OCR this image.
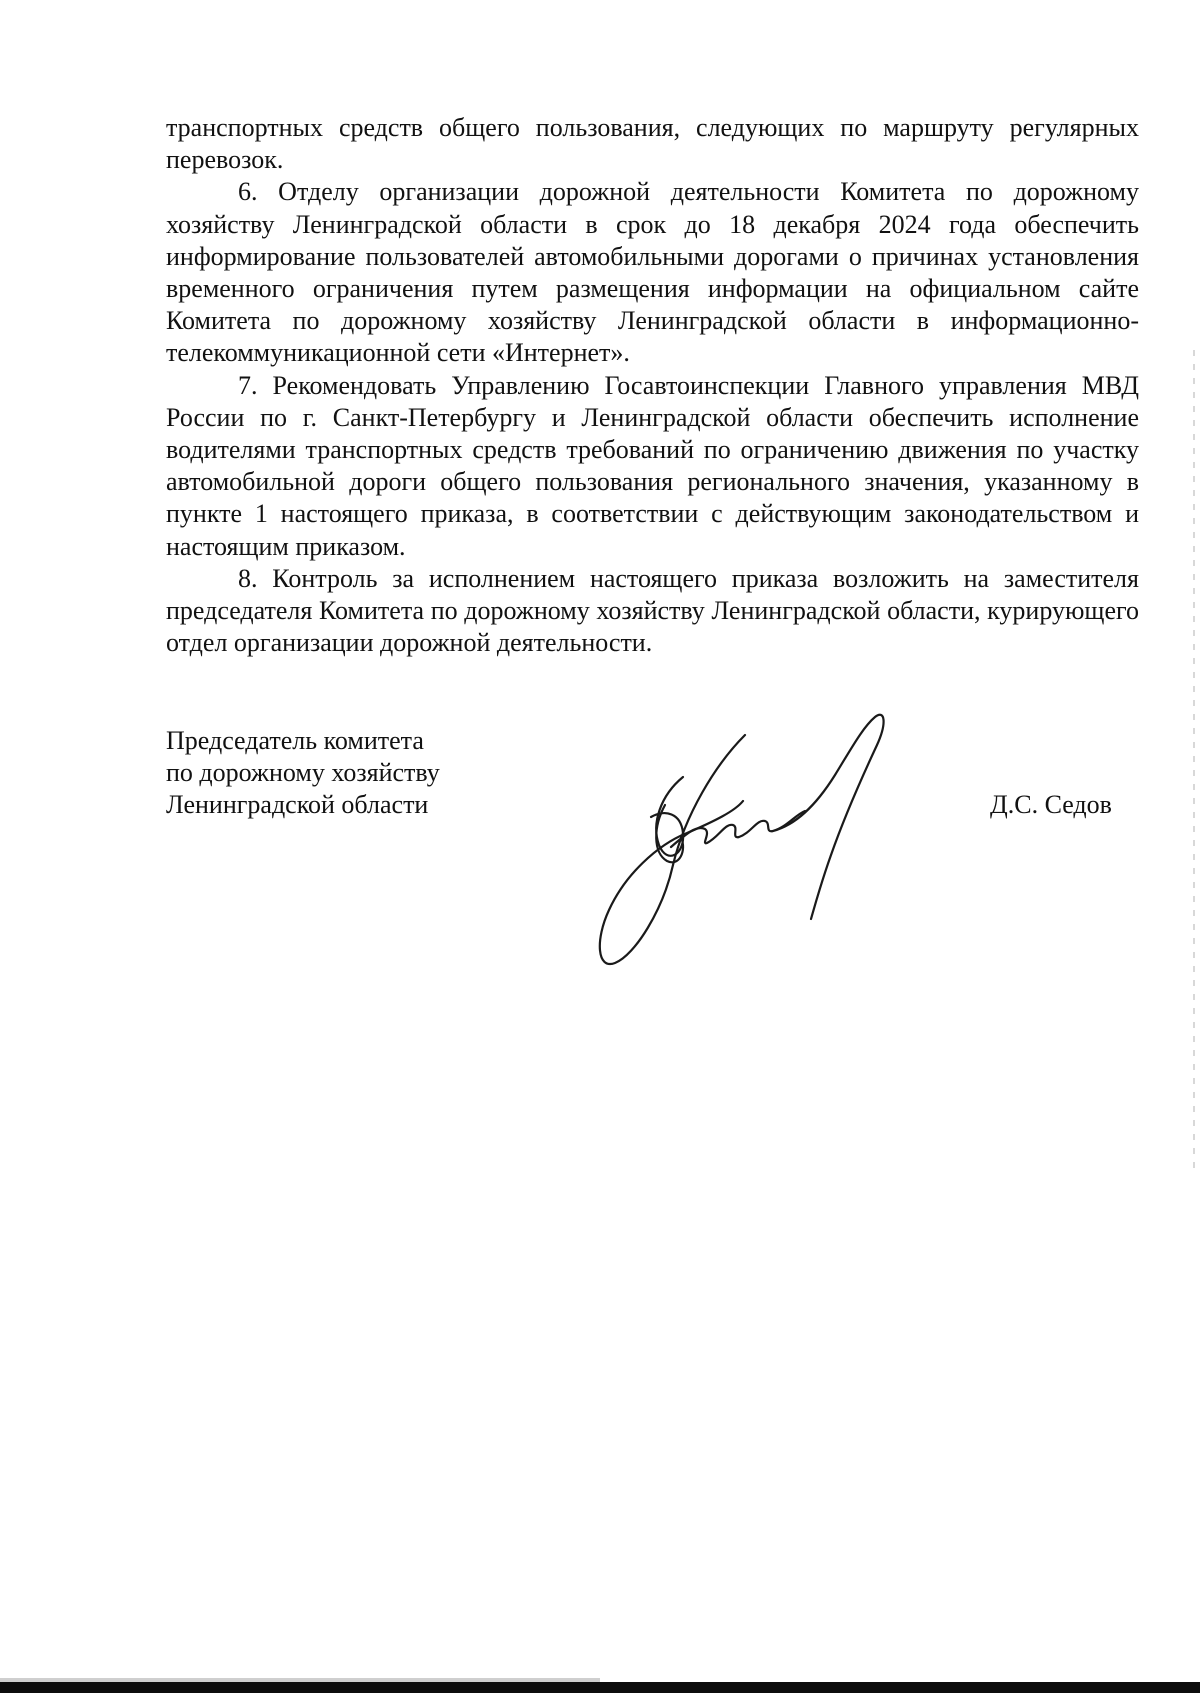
транспортных средств общего пользования, следующих по маршруту регулярных перевозок.

6. Отделу организации дорожной деятельности Комитета по дорожному хозяйству Ленинградской области в срок до 18 декабря 2024 года обеспечить информирование пользователей автомобильными дорогами о причинах установления временного ограничения путем размещения информации на официальном сайте Комитета по дорожному хозяйству Ленинградской области в информационно-телекоммуникационной сети «Интернет».

7. Рекомендовать Управлению Госавтоинспекции Главного управления МВД России по г. Санкт-Петербургу и Ленинградской области обеспечить исполнение водителями транспортных средств требований по ограничению движения по участку автомобильной дороги общего пользования регионального значения, указанному в пункте 1 настоящего приказа, в соответствии с действующим законодательством и настоящим приказом.

8. Контроль за исполнением настоящего приказа возложить на заместителя председателя Комитета по дорожному хозяйству Ленинградской области, курирующего отдел организации дорожной деятельности.

Председатель комитета
по дорожному хозяйству
Ленинградской области	Д.С. Седов
